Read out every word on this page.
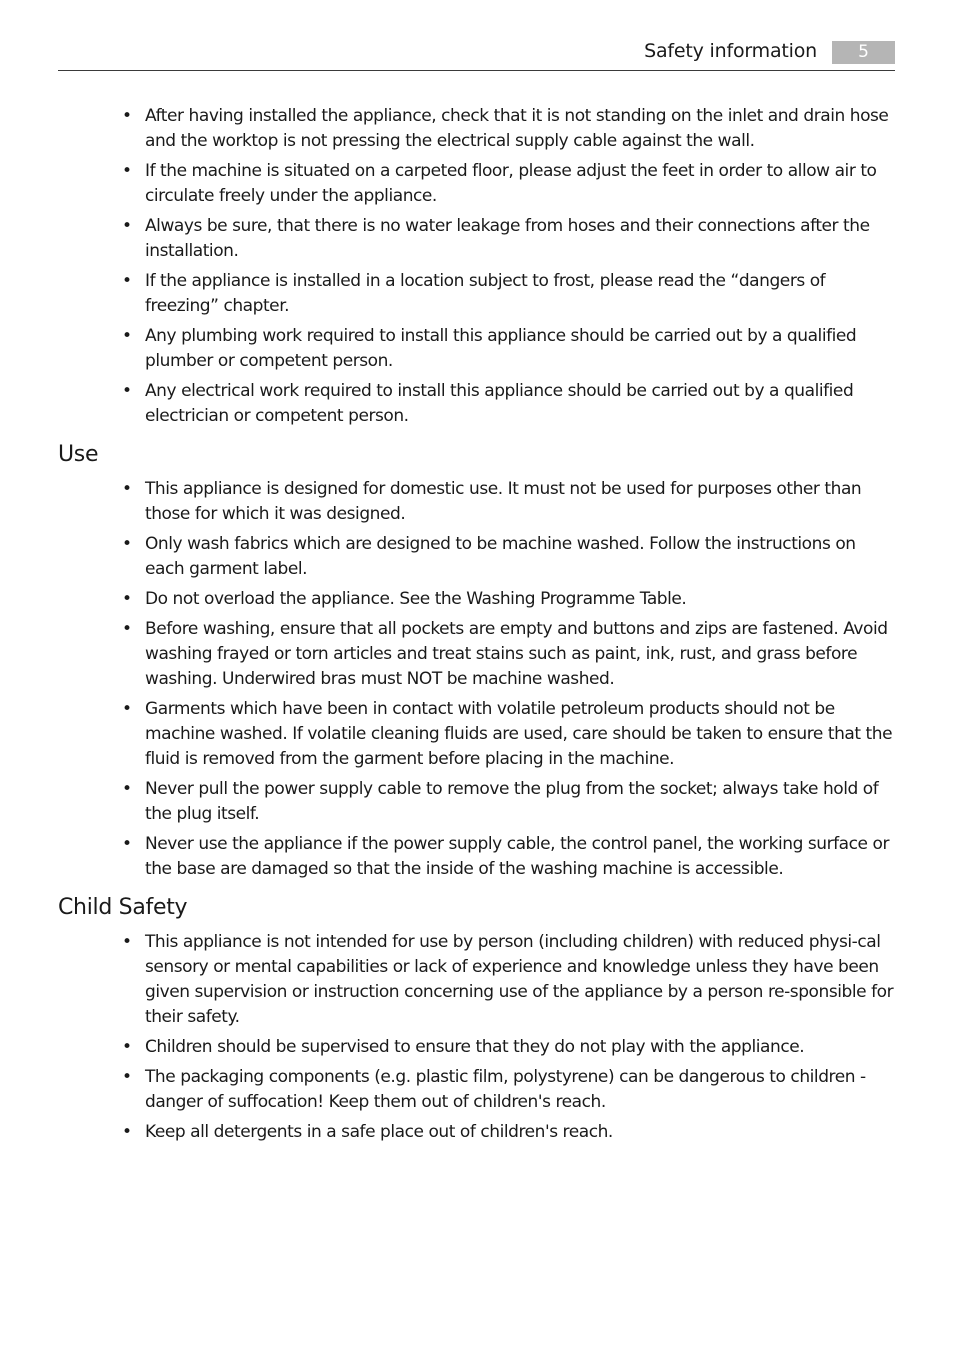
Safety information	5
• After having installed the appliance, check that it is not standing on the inlet and drain hose and the worktop is not pressing the electrical supply cable against the wall.
• If the machine is situated on a carpeted floor, please adjust the feet in order to allow air to circulate freely under the appliance.
• Always be sure, that there is no water leakage from hoses and their connections after the installation.
• If the appliance is installed in a location subject to frost, please read the “dangers of freezing” chapter.
• Any plumbing work required to install this appliance should be carried out by a qualified plumber or competent person.
• Any electrical work required to install this appliance should be carried out by a qualified electrician or competent person.
Use
• This appliance is designed for domestic use. It must not be used for purposes other than those for which it was designed.
• Only wash fabrics which are designed to be machine washed. Follow the instructions on each garment label.
• Do not overload the appliance. See the Washing Programme Table.
• Before washing, ensure that all pockets are empty and buttons and zips are fastened. Avoid washing frayed or torn articles and treat stains such as paint, ink, rust, and grass before washing. Underwired bras must NOT be machine washed.
• Garments which have been in contact with volatile petroleum products should not be machine washed. If volatile cleaning fluids are used, care should be taken to ensure that the fluid is removed from the garment before placing in the machine.
• Never pull the power supply cable to remove the plug from the socket; always take hold of the plug itself.
• Never use the appliance if the power supply cable, the control panel, the working surface or the base are damaged so that the inside of the washing machine is accessible.
Child Safety
• This appliance is not intended for use by person (including children) with reduced physi-cal sensory or mental capabilities or lack of experience and knowledge unless they have been given supervision or instruction concerning use of the appliance by a person re-sponsible for their safety.
• Children should be supervised to ensure that they do not play with the appliance.
• The packaging components (e.g. plastic film, polystyrene) can be dangerous to children - danger of suffocation! Keep them out of children's reach.
• Keep all detergents in a safe place out of children's reach.
